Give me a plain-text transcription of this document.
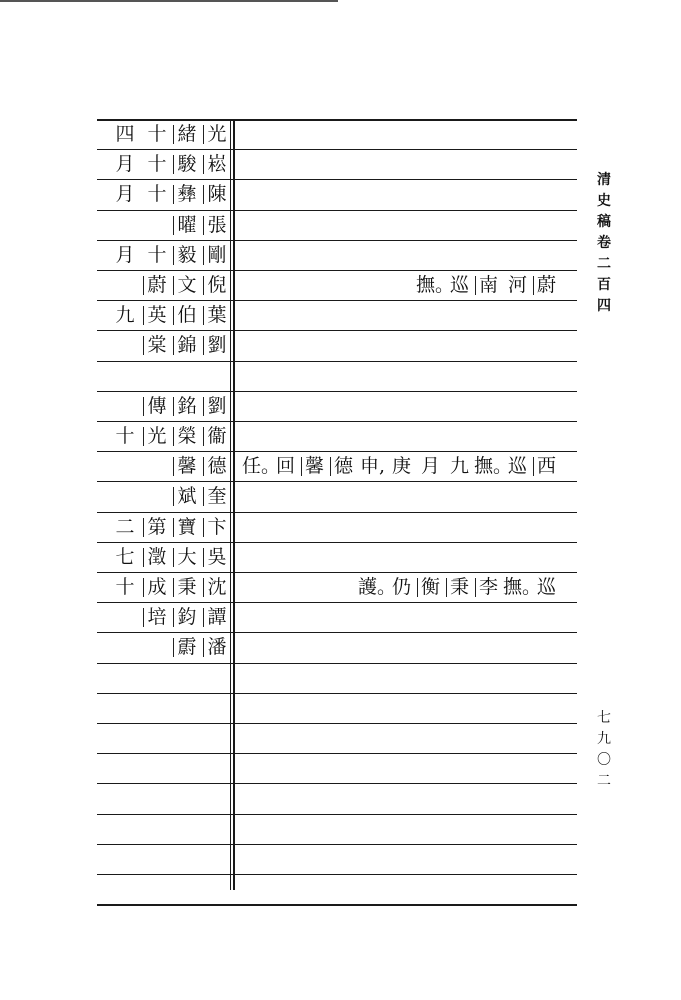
光
緒
十
四
崧
駿
十
月
陳
彝
十
月
張
曜
剛
毅
十
月
倪
文
蔚	撫。巡 南 河 蔚
葉
伯
英
九
劉
錦
棠
劉
銘
傳
衞
榮
光
十
德
馨 任。回 馨 德 申, 庚 月 九 撫。巡 西
奎
斌
卞
寶
第
二
吳
大
澂
七
沈
秉
成
十	護。仍 衡 秉 李 撫。巡
譚
鈞
培
潘
霨
清
史
稿
卷
二
百
四
七
九
〇
二
